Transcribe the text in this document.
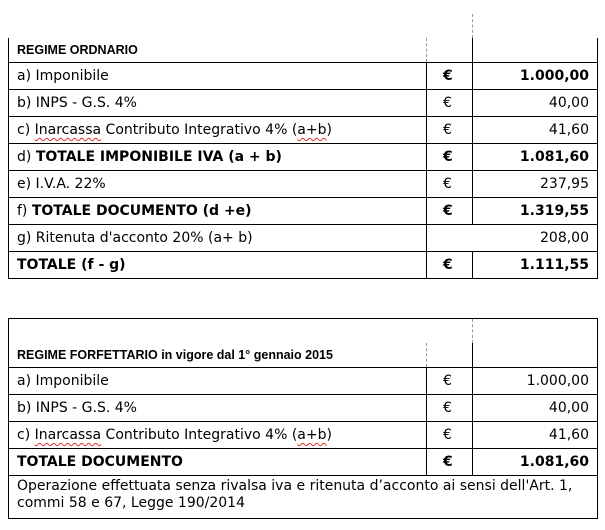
REGIME ORDNARIO		
a) Imponibile	€	1.000,00
b) INPS - G.S. 4%	€	40,00
c) Inarcassa Contributo Integrativo 4% (a+b)	€	41,60
d) TOTALE IMPONIBILE IVA (a + b)	€	1.081,60
e) I.V.A. 22%	€	237,95
f) TOTALE DOCUMENTO (d +e)	€	1.319,55
g) Ritenuta d'acconto 20% (a+ b)		208,00
TOTALE (f - g)	€	1.111,55

REGIME FORFETTARIO in vigore dal 1° gennaio 2015		
a) Imponibile	€	1.000,00
b) INPS - G.S. 4%	€	40,00
c) Inarcassa Contributo Integrativo 4% (a+b)	€	41,60
TOTALE DOCUMENTO	€	1.081,60
Operazione effettuata senza rivalsa iva e ritenuta d’acconto ai sensi dell'Art. 1, commi 58 e 67, Legge 190/2014		
